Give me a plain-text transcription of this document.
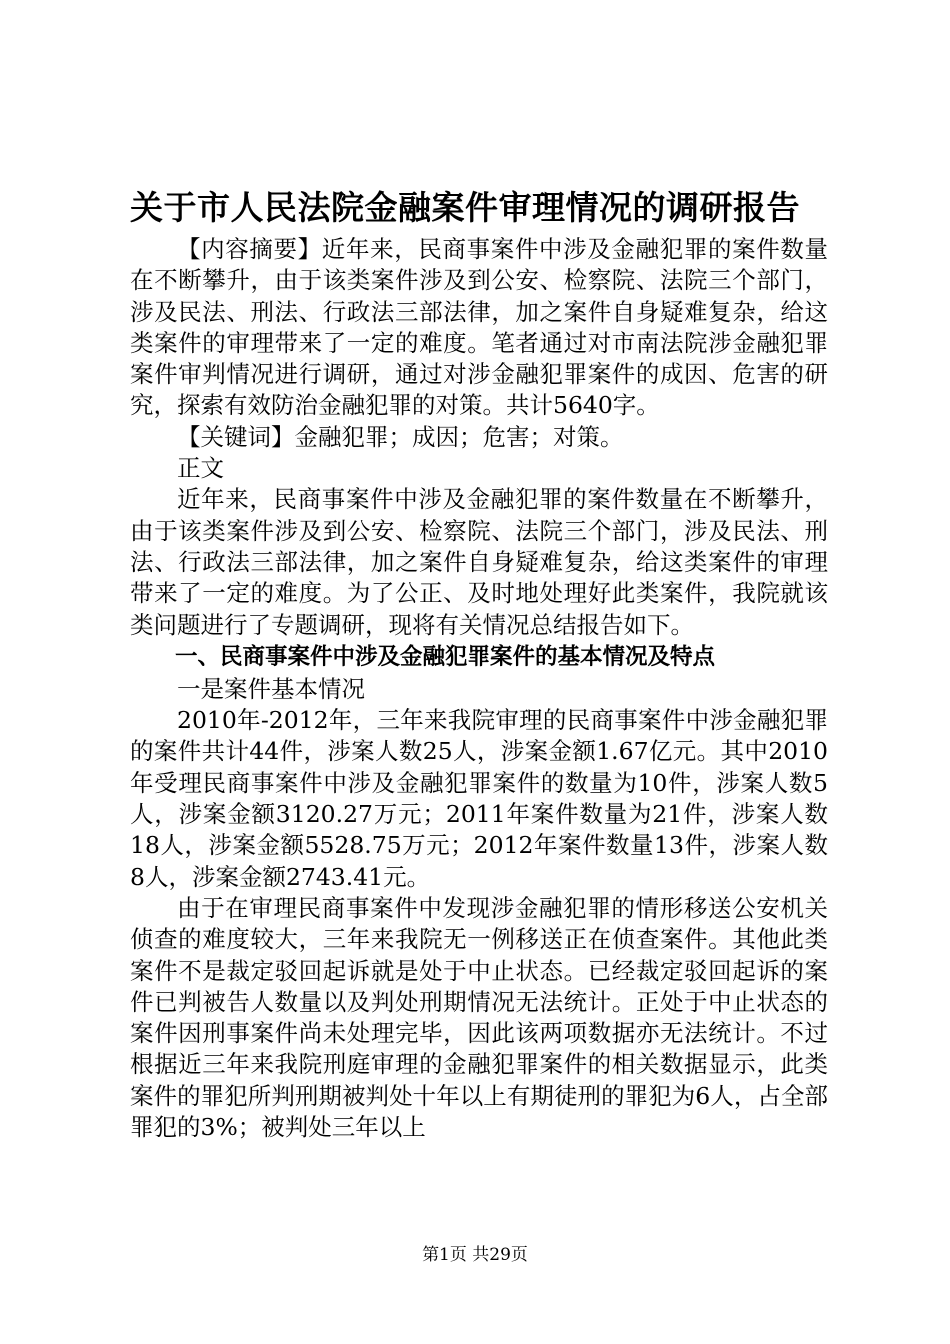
关于市人民法院金融案件审理情况的调研报告

【内容摘要】近年来，民商事案件中涉及金融犯罪的案件数量在不断攀升，由于该类案件涉及到公安、检察院、法院三个部门，涉及民法、刑法、行政法三部法律，加之案件自身疑难复杂，给这类案件的审理带来了一定的难度。笔者通过对市南法院涉金融犯罪案件审判情况进行调研，通过对涉金融犯罪案件的成因、危害的研究，探索有效防治金融犯罪的对策。共计5640字。

【关键词】金融犯罪；成因；危害；对策。

正文

近年来，民商事案件中涉及金融犯罪的案件数量在不断攀升，由于该类案件涉及到公安、检察院、法院三个部门，涉及民法、刑法、行政法三部法律，加之案件自身疑难复杂，给这类案件的审理带来了一定的难度。为了公正、及时地处理好此类案件，我院就该类问题进行了专题调研，现将有关情况总结报告如下。

一、民商事案件中涉及金融犯罪案件的基本情况及特点

一是案件基本情况

2010年-2012年，三年来我院审理的民商事案件中涉金融犯罪的案件共计44件，涉案人数25人，涉案金额1.67亿元。其中2010年受理民商事案件中涉及金融犯罪案件的数量为10件，涉案人数5人，涉案金额3120.27万元；2011年案件数量为21件，涉案人数18人，涉案金额5528.75万元；2012年案件数量13件，涉案人数8人，涉案金额2743.41元。

由于在审理民商事案件中发现涉金融犯罪的情形移送公安机关侦查的难度较大，三年来我院无一例移送正在侦查案件。其他此类案件不是裁定驳回起诉就是处于中止状态。已经裁定驳回起诉的案件已判被告人数量以及判处刑期情况无法统计。正处于中止状态的案件因刑事案件尚未处理完毕，因此该两项数据亦无法统计。不过根据近三年来我院刑庭审理的金融犯罪案件的相关数据显示，此类案件的罪犯所判刑期被判处十年以上有期徒刑的罪犯为6人，占全部罪犯的3%；被判处三年以上

第1页 共29页
